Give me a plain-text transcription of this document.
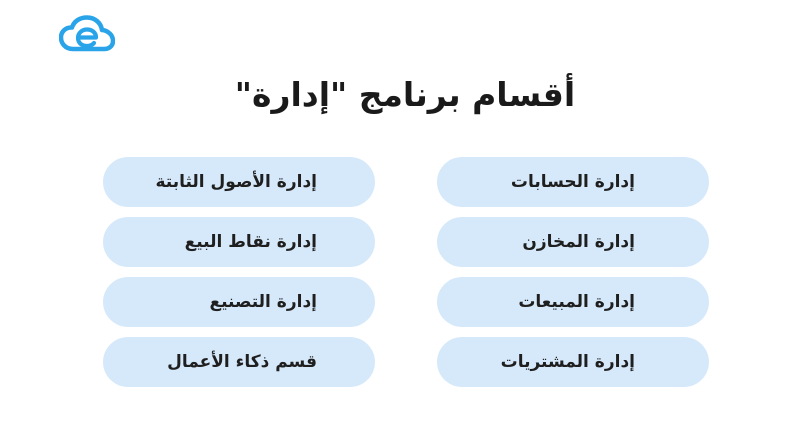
أقسام برنامج "إدارة"
إدارة الحسابات
إدارة المخازن
إدارة المبيعات
إدارة المشتريات
إدارة الأصول الثابتة
إدارة نقاط البيع
إدارة التصنيع
قسم ذكاء الأعمال
